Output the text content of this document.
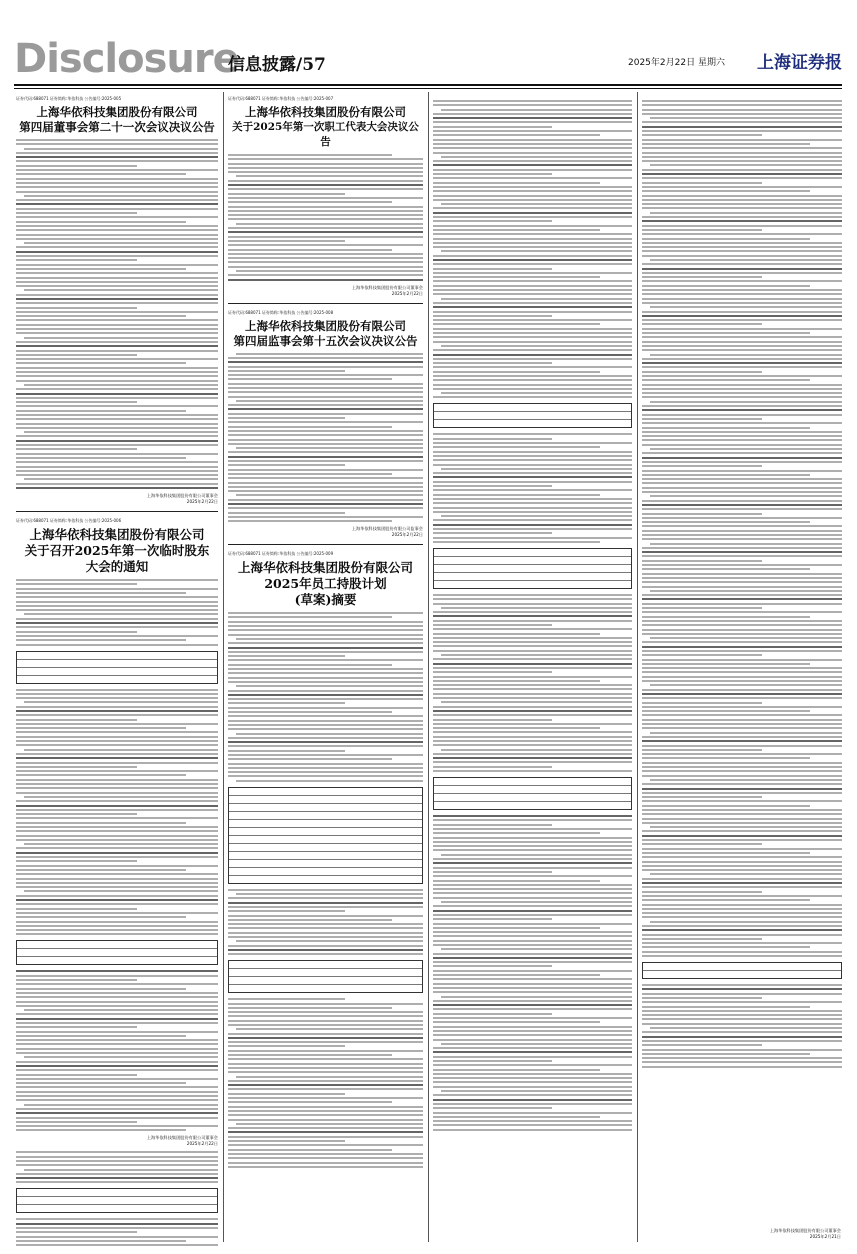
Disclosure
信息披露/57	2025年2月22日 星期六 上海证券报
证券代码:688071 证券简称:华依科技 公告编号:2025-005
上海华依科技集团股份有限公司
第四届董事会第二十一次会议决议公告
上海华依科技集团股份有限公司董事会
2025年2月22日
证券代码:688071 证券简称:华依科技 公告编号:2025-006
上海华依科技集团股份有限公司
关于召开2025年第一次临时股东
大会的通知
上海华依科技集团股份有限公司董事会
2025年2月22日
证券代码:688071 证券简称:华依科技 公告编号:2025-007
上海华依科技集团股份有限公司
关于2025年第一次职工代表大会决议公告
上海华依科技集团股份有限公司董事会
2025年2月22日
证券代码:688071 证券简称:华依科技 公告编号:2025-008
上海华依科技集团股份有限公司
第四届监事会第十五次会议决议公告
上海华依科技集团股份有限公司监事会
2025年2月22日
证券代码:688071 证券简称:华依科技 公告编号:2025-009
上海华依科技集团股份有限公司
2025年员工持股计划
(草案)摘要
上海华依科技集团股份有限公司董事会
2025年2月21日
